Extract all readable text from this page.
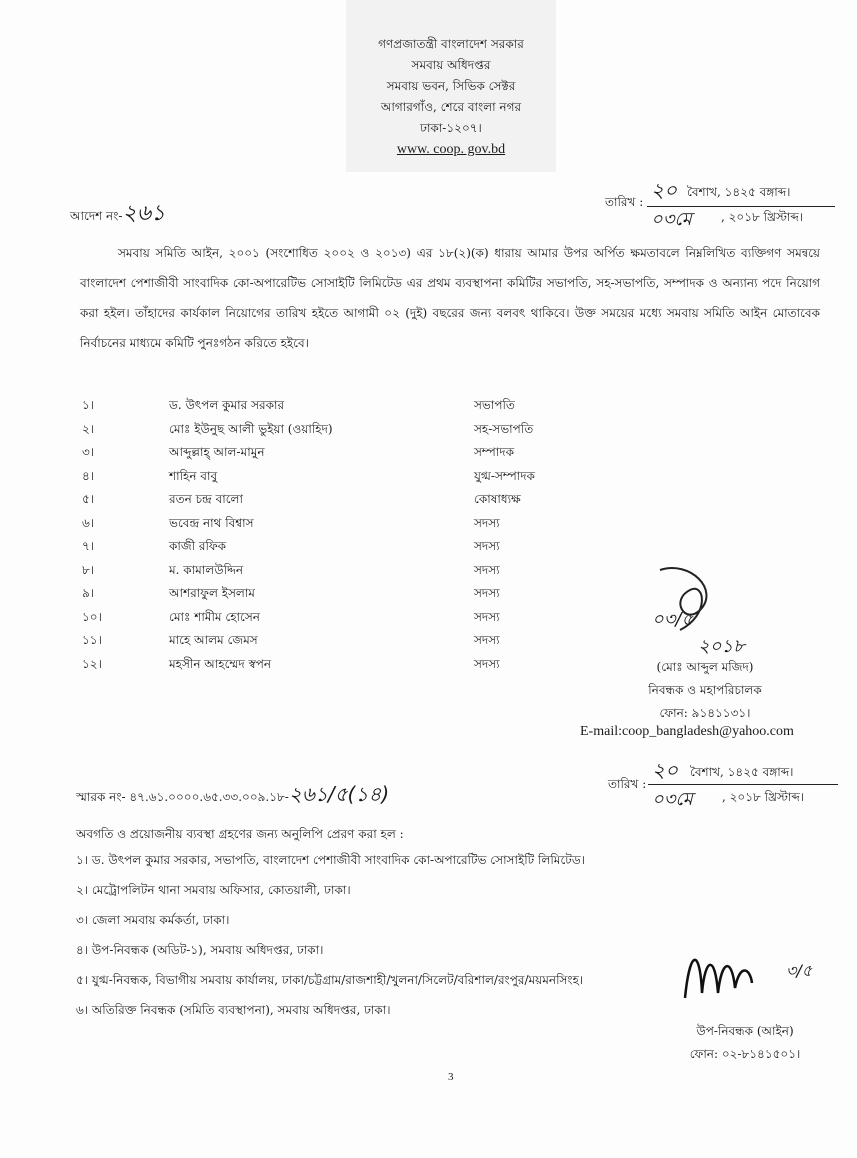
গণপ্রজাতন্ত্রী বাংলাদেশ সরকার
সমবায় অধিদপ্তর
সমবায় ভবন, সিভিক সেক্টর
আগারগাঁও, শেরে বাংলা নগর
ঢাকা-১২০৭।
www. coop. gov.bd
আদেশ নং-২৬১	তারিখ : ২০ বৈশাখ, ১৪২৫ বঙ্গাব্দ।
০৩মে , ২০১৮ খ্রিস্টাব্দ।
সমবায় সমিতি আইন, ২০০১ (সংশোধিত ২০০২ ও ২০১৩) এর ১৮(২)(ক) ধারায় আমার উপর অর্পিত ক্ষমতাবলে নিম্নলিখিত ব্যক্তিগণ সমন্বয়ে বাংলাদেশ পেশাজীবী সাংবাদিক কো-অপারেটিভ সোসাইটি লিমিটেড এর প্রথম ব্যবস্থাপনা কমিটির সভাপতি, সহ-সভাপতি, সম্পাদক ও অন্যান্য পদে নিয়োগ করা হইল। তাঁহাদের কার্যকাল নিয়োগের তারিখ হইতে আগামী ০২ (দুই) বছরের জন্য বলবৎ থাকিবে। উক্ত সময়ের মধ্যে সমবায় সমিতি আইন মোতাবেক নির্বাচনের মাধ্যমে কমিটি পুনঃগঠন করিতে হইবে।
১।	ড. উৎপল কুমার সরকার	সভাপতি
২।	মোঃ ইউনুছ আলী ভুইয়া (ওয়াহিদ)	সহ-সভাপতি
৩।	আব্দুল্লাহ্ আল-মামুন	সম্পাদক
৪।	শাহিন বাবু	যুগ্ম-সম্পাদক
৫।	রতন চন্দ্র বালো	কোষাধ্যক্ষ
৬।	ভবেন্দ্র নাথ বিশ্বাস	সদস্য
৭।	কাজী রফিক	সদস্য
৮।	ম. কামালউদ্দিন	সদস্য
৯।	আশরাফুল ইসলাম	সদস্য
১০।	মোঃ শামীম হোসেন	সদস্য
১১।	মাহে আলম জেমস	সদস্য
১২।	মহসীন আহম্মেদ স্বপন	সদস্য
০৩/৫
২০১৮
(মোঃ আব্দুল মজিদ)
নিবন্ধক ও মহাপরিচালক
ফোন: ৯১৪১১৩১।
E-mail:coop_bangladesh@yahoo.com
স্মারক নং- ৪৭.৬১.০০০০.৬৫.৩৩.০০৯.১৮-২৬১/৫(১৪)	তারিখ :
২০ বৈশাখ, ১৪২৫ বঙ্গাব্দ।
০৩মে , ২০১৮ খ্রিস্টাব্দ।
অবগতি ও প্রয়োজনীয় ব্যবস্থা গ্রহণের জন্য অনুলিপি প্রেরণ করা হল :
১। ড. উৎপল কুমার সরকার, সভাপতি, বাংলাদেশ পেশাজীবী সাংবাদিক কো-অপারেটিভ সোসাইটি লিমিটেড।
২। মেট্রোপলিটন থানা সমবায় অফিসার, কোতয়ালী, ঢাকা।
৩। জেলা সমবায় কর্মকর্তা, ঢাকা।
৪। উপ-নিবন্ধক (অডিট-১), সমবায় অধিদপ্তর, ঢাকা।
৫। যুগ্ম-নিবন্ধক, বিভাগীয় সমবায় কার্যালয়, ঢাকা/চট্টগ্রাম/রাজশাহী/খুলনা/সিলেট/বরিশাল/রংপুর/ময়মনসিংহ।
৬। অতিরিক্ত নিবন্ধক (সমিতি ব্যবস্থাপনা), সমবায় অধিদপ্তর, ঢাকা।
৩/৫
উপ-নিবন্ধক (আইন)
ফোন: ০২-৮১৪১৫০১।
3
